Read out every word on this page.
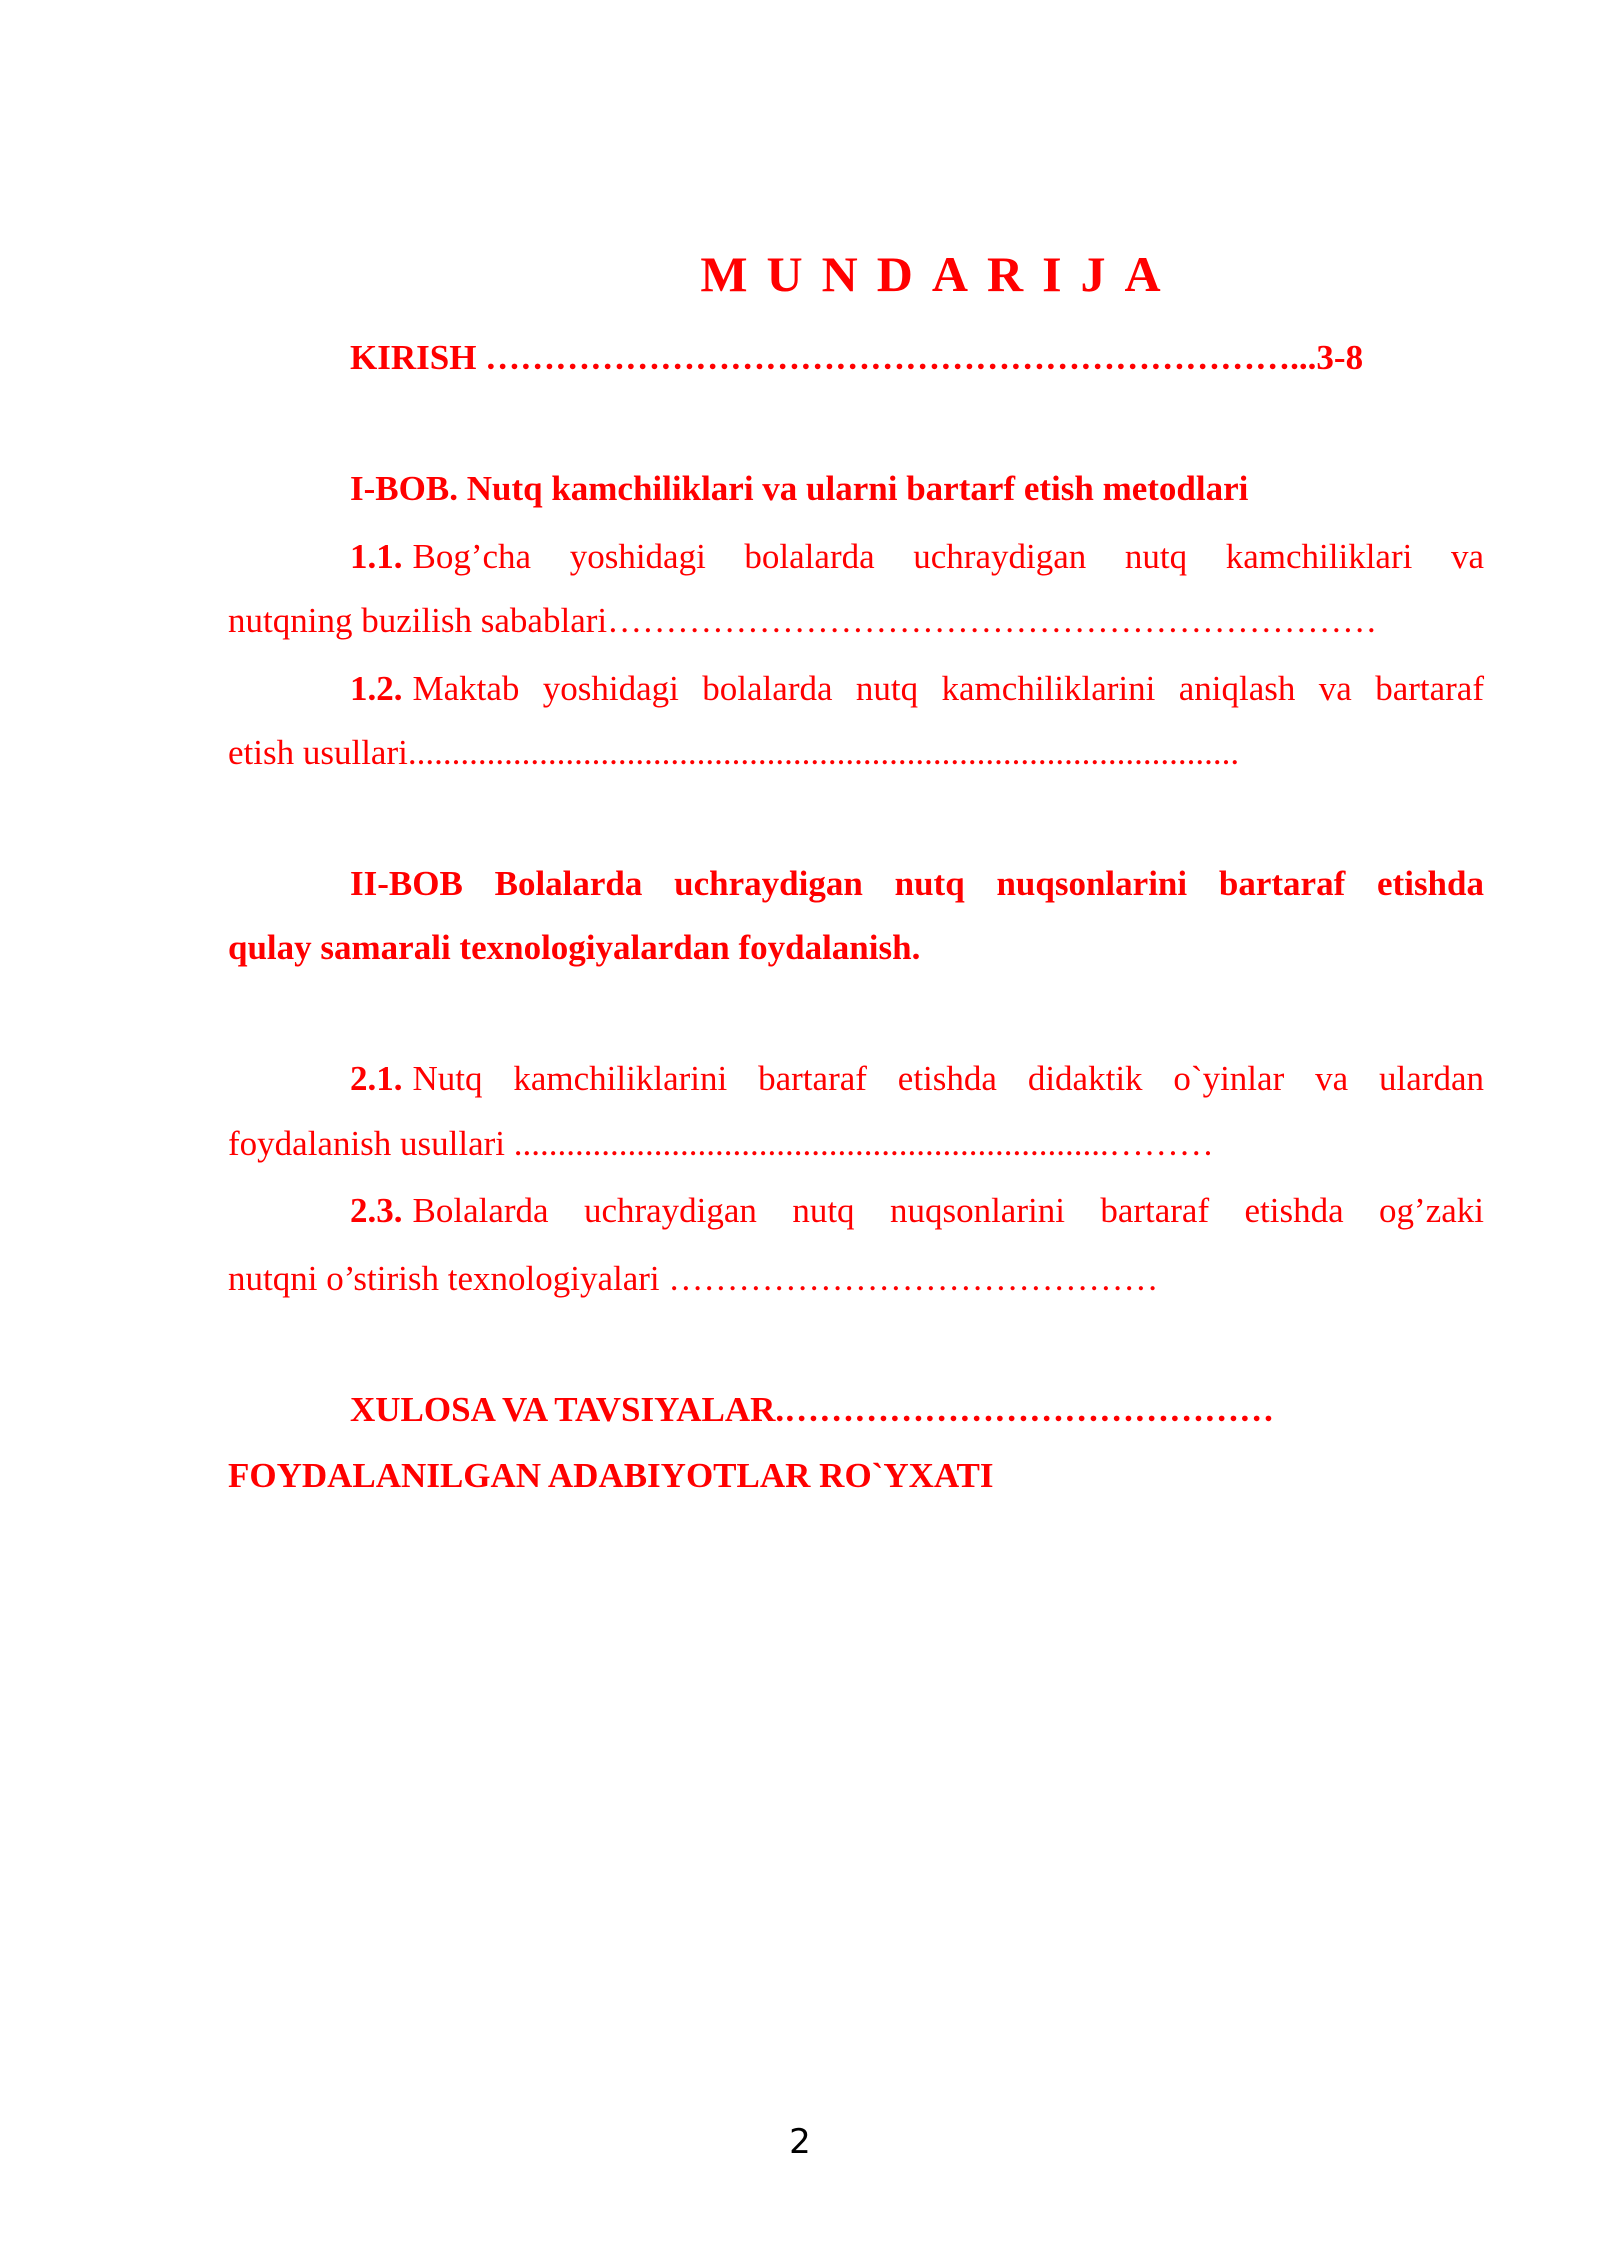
MUNDARIJA
KIRISH ……………………………………………………………...3-8
I-BOB. Nutq kamchiliklari va ularni bartarf etish metodlari
1.1. Bog’cha yoshidagi bolalarda uchraydigan nutq kamchiliklari va
nutqning buzilish sabablari…………………………………………………………
1.2. Maktab yoshidagi bolalarda nutq kamchiliklarini aniqlash va bartaraf
etish usullari...............................................................................................
II-BOB Bolalarda uchraydigan nutq nuqsonlarini bartaraf etishda
qulay samarali texnologiyalardan foydalanish.
2.1. Nutq kamchiliklarini bartaraf etishda didaktik o`yinlar va ulardan
foydalanish usullari ....................................................................………
2.3. Bolalarda uchraydigan nutq nuqsonlarini bartaraf etishda og’zaki
nutqni o’stirish texnologiyalari ……………………………………
XULOSA VA TAVSIYALAR.……………………………………
FOYDALANILGAN ADABIYOTLAR RO`YXATI
2
